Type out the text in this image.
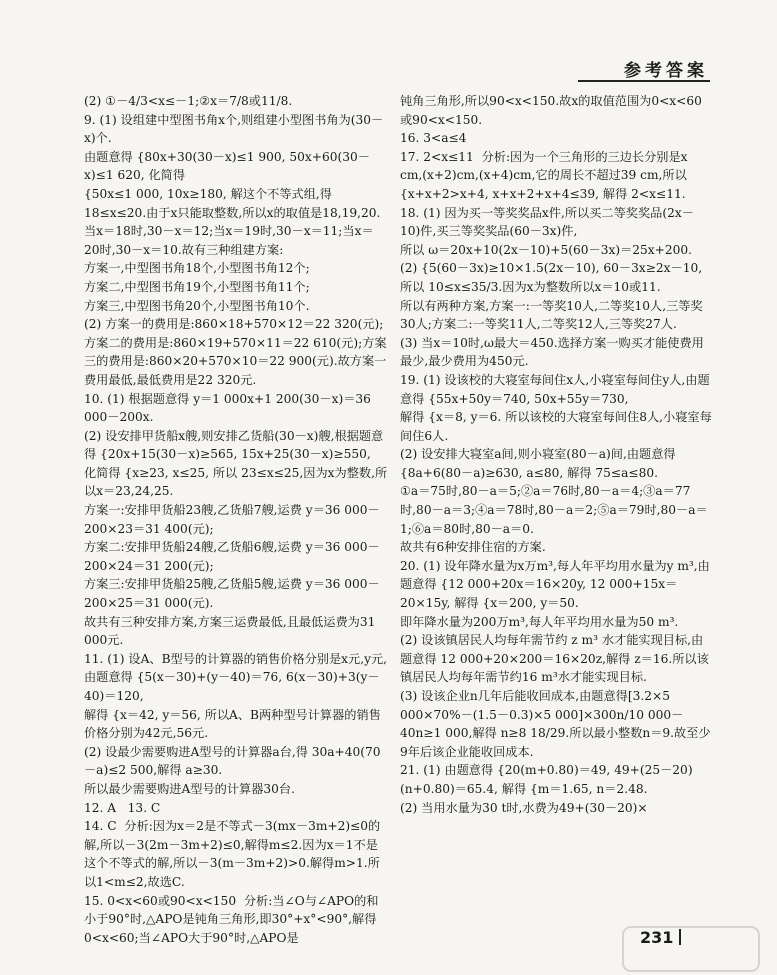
参考答案

(2) ①－4/3<x≤－1;②x＝7/8或11/8.

9. (1) 设组建中型图书角x个,则组建小型图书角为(30－x)个.

由题意得 {80x+30(30－x)≤1 900, 50x+60(30－x)≤1 620, 化简得

{50x≤1 000, 10x≥180, 解这个不等式组,得 18≤x≤20.由于x只能取整数,所以x的取值是18,19,20.当x＝18时,30－x＝12;当x＝19时,30－x＝11;当x＝20时,30－x＝10.故有三种组建方案:

方案一,中型图书角18个,小型图书角12个;

方案二,中型图书角19个,小型图书角11个;

方案三,中型图书角20个,小型图书角10个.

(2) 方案一的费用是:860×18+570×12＝22 320(元);方案二的费用是:860×19+570×11＝22 610(元);方案三的费用是:860×20+570×10＝22 900(元).故方案一费用最低,最低费用是22 320元.

10. (1) 根据题意得 y＝1 000x+1 200(30－x)＝36 000－200x.

(2) 设安排甲货船x艘,则安排乙货船(30－x)艘,根据题意得 {20x+15(30－x)≥565, 15x+25(30－x)≥550,

化简得 {x≥23, x≤25, 所以 23≤x≤25,因为x为整数,所以x＝23,24,25.

方案一:安排甲货船23艘,乙货船7艘,运费 y＝36 000－200×23＝31 400(元);

方案二:安排甲货船24艘,乙货船6艘,运费 y＝36 000－200×24＝31 200(元);

方案三:安排甲货船25艘,乙货船5艘,运费 y＝36 000－200×25＝31 000(元).

故共有三种安排方案,方案三运费最低,且最低运费为31 000元.

11. (1) 设A、B型号的计算器的销售价格分别是x元,y元,由题意得 {5(x－30)+(y－40)＝76, 6(x－30)+3(y－40)＝120,

解得 {x＝42, y＝56, 所以A、B两种型号计算器的销售价格分别为42元,56元.

(2) 设最少需要购进A型号的计算器a台,得 30a+40(70－a)≤2 500,解得 a≥30.

所以最少需要购进A型号的计算器30台.

12. A   13. C

14. C  分析:因为x＝2是不等式－3(mx－3m+2)≤0的解,所以－3(2m－3m+2)≤0,解得m≤2.因为x＝1不是这个不等式的解,所以－3(m－3m+2)>0.解得m>1.所以1<m≤2,故选C.

15. 0<x<60或90<x<150  分析:当∠O与∠APO的和小于90°时,△APO是钝角三角形,即30°+x°<90°,解得0<x<60;当∠APO大于90°时,△APO是

钝角三角形,所以90<x<150.故x的取值范围为0<x<60或90<x<150.

16. 3<a≤4

17. 2<x≤11  分析:因为一个三角形的三边长分别是x cm,(x+2)cm,(x+4)cm,它的周长不超过39 cm,所以 {x+x+2>x+4, x+x+2+x+4≤39, 解得 2<x≤11.

18. (1) 因为买一等奖奖品x件,所以买二等奖奖品(2x－10)件,买三等奖奖品(60－3x)件,

所以 ω＝20x+10(2x－10)+5(60－3x)＝25x+200.

(2) {5(60－3x)≥10×1.5(2x－10), 60－3x≥2x－10, 所以 10≤x≤35/3.因为x为整数所以x＝10或11.

所以有两种方案,方案一:一等奖10人,二等奖10人,三等奖30人;方案二:一等奖11人,二等奖12人,三等奖27人.

(3) 当x＝10时,ω最大＝450.选择方案一购买才能使费用最少,最少费用为450元.

19. (1) 设该校的大寝室每间住x人,小寝室每间住y人,由题意得 {55x+50y＝740, 50x+55y＝730,

解得 {x＝8, y＝6. 所以该校的大寝室每间住8人,小寝室每间住6人.

(2) 设安排大寝室a间,则小寝室(80－a)间,由题意得 {8a+6(80－a)≥630, a≤80, 解得 75≤a≤80.

①a＝75时,80－a＝5;②a＝76时,80－a＝4;③a＝77时,80－a＝3;④a＝78时,80－a＝2;⑤a＝79时,80－a＝1;⑥a＝80时,80－a＝0.

故共有6种安排住宿的方案.

20. (1) 设年降水量为x万m³,每人年平均用水量为y m³,由题意得 {12 000+20x＝16×20y, 12 000+15x＝20×15y, 解得 {x＝200, y＝50.

即年降水量为200万m³,每人年平均用水量为50 m³.

(2) 设该镇居民人均每年需节约 z m³ 水才能实现目标,由题意得 12 000+20×200＝16×20z,解得 z＝16.所以该镇居民人均每年需节约16 m³水才能实现目标.

(3) 设该企业n几年后能收回成本,由题意得[3.2×5 000×70%－(1.5－0.3)×5 000]×300n/10 000－40n≥1 000,解得 n≥8 18/29.所以最小整数n＝9.故至少9年后该企业能收回成本.

21. (1) 由题意得 {20(m+0.80)＝49, 49+(25－20)(n+0.80)＝65.4, 解得 {m＝1.65, n＝2.48.

(2) 当用水量为30 t时,水费为49+(30－20)×

231
